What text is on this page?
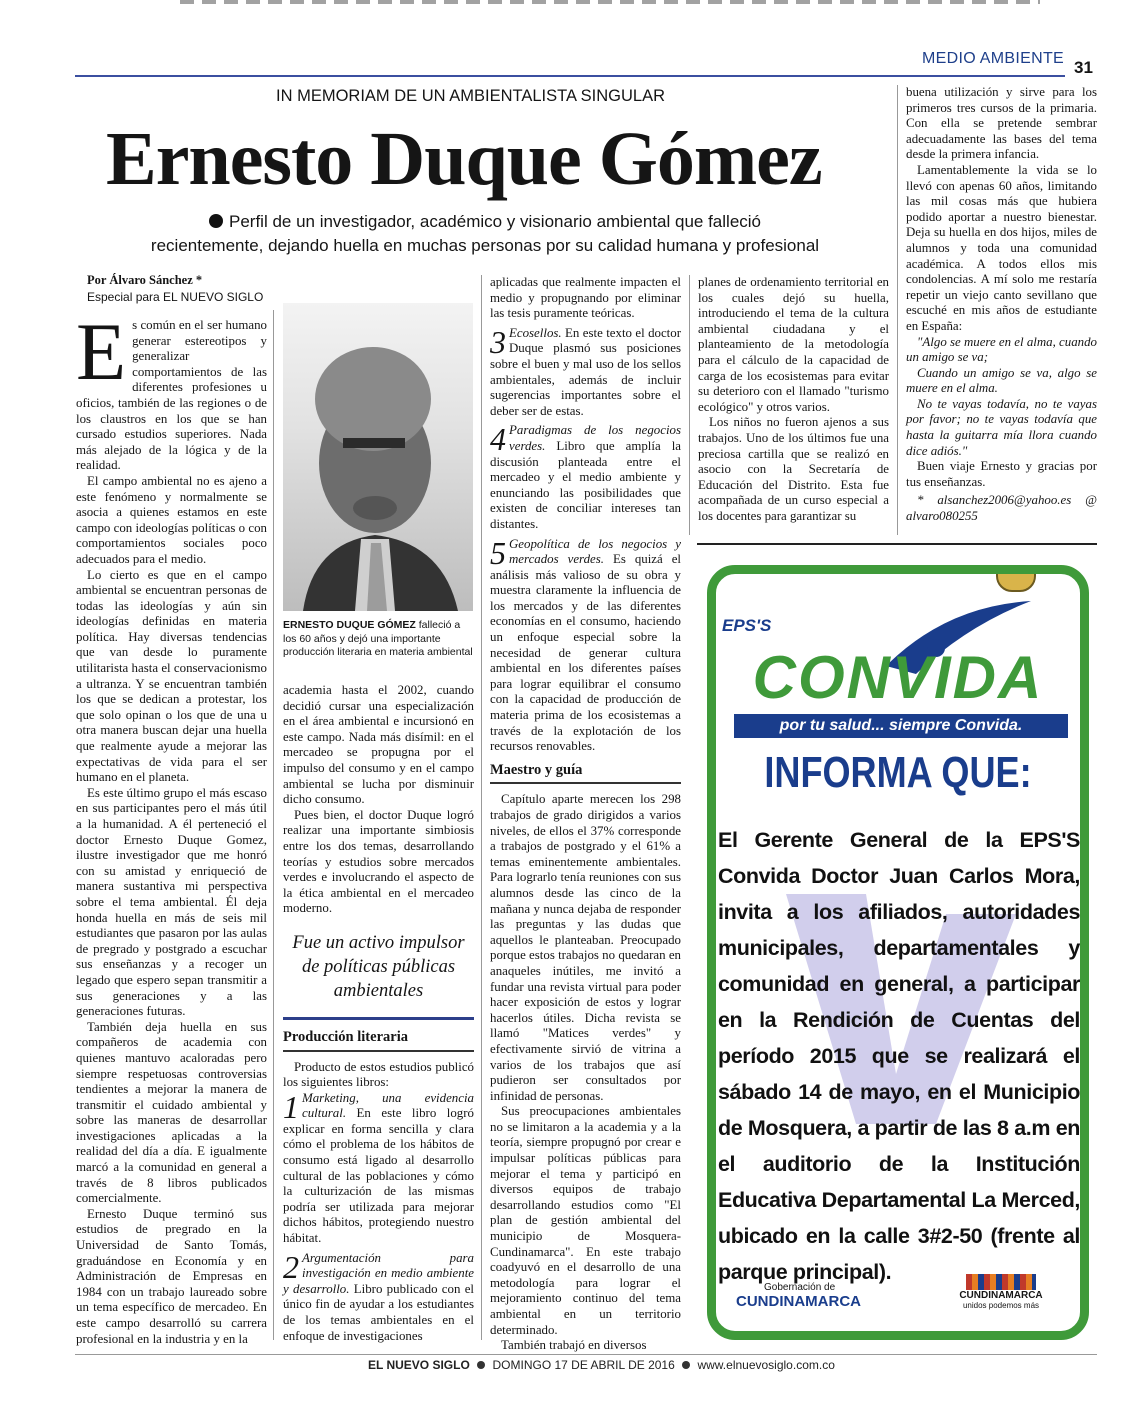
MEDIO AMBIENTE 31
IN MEMORIAM DE UN AMBIENTALISTA SINGULAR
Ernesto Duque Gómez
Perfil de un investigador, académico y visionario ambiental que falleció
recientemente, dejando huella en muchas personas por su calidad humana y profesional
Por Álvaro Sánchez *
Especial para EL NUEVO SIGLO
ERNESTO DUQUE GÓMEZ falleció a los 60 años y dejó una importante producción literaria en materia ambiental

Es común en el ser humano generar estereotipos y generalizar comportamientos de las diferentes profesiones u oficios, también de las regiones o de los claustros en los que se han cursado estudios superiores. Nada más alejado de la lógica y de la realidad.

El campo ambiental no es ajeno a este fenómeno y normalmente se asocia a quienes estamos en este campo con ideologías políticas o con comportamientos sociales poco adecuados para el medio.

Lo cierto es que en el campo ambiental se encuentran personas de todas las ideologías y aún sin ideologías definidas en materia política. Hay diversas tendencias que van desde lo puramente utilitarista hasta el conservacionismo a ultranza. Y se encuentran también los que se dedican a protestar, los que solo opinan o los que de una u otra manera buscan dejar una huella que realmente ayude a mejorar las expectativas de vida para el ser humano en el planeta.

Es este último grupo el más escaso en sus participantes pero el más útil a la humanidad. A él perteneció el doctor Ernesto Duque Gomez, ilustre investigador que me honró con su amistad y enriqueció de manera sustantiva mi perspectiva sobre el tema ambiental. Él deja honda huella en más de seis mil estudiantes que pasaron por las aulas de pregrado y postgrado a escuchar sus enseñanzas y a recoger un legado que espero sepan transmitir a sus generaciones y a las generaciones futuras.

También deja huella en sus compañeros de academia con quienes mantuvo acaloradas pero siempre respetuosas controversias tendientes a mejorar la manera de transmitir el cuidado ambiental y sobre las maneras de desarrollar investigaciones aplicadas a la realidad del día a día. E igualmente marcó a la comunidad en general a través de 8 libros publicados comercialmente.

Ernesto Duque terminó sus estudios de pregrado en la Universidad de Santo Tomás, graduándose en Economía y en Administración de Empresas en 1984 con un trabajo laureado sobre un tema específico de mercadeo. En este campo desarrolló su carrera profesional en la industria y en la

academia hasta el 2002, cuando decidió cursar una especialización en el área ambiental e incursionó en este campo. Nada más disímil: en el mercadeo se propugna por el impulso del consumo y en el campo ambiental se lucha por disminuir dicho consumo.

Pues bien, el doctor Duque logró realizar una importante simbiosis entre los dos temas, desarrollando teorías y estudios sobre mercados verdes e involucrando el aspecto de la ética ambiental en el mercadeo moderno.

Fue un activo impulsor de políticas públicas ambientales
Producción literaria

Producto de estos estudios publicó los siguientes libros:

1 Marketing, una evidencia cultural. En este libro logró explicar en forma sencilla y clara cómo el problema de los hábitos de consumo está ligado al desarrollo cultural de las poblaciones y cómo la culturización de las mismas podría ser utilizada para mejorar dichos hábitos, protegiendo nuestro hábitat.

2 Argumentación para investigación en medio ambiente y desarrollo. Libro publicado con el único fin de ayudar a los estudiantes de los temas ambientales en el enfoque de investigaciones

aplicadas que realmente impacten el medio y propugnando por eliminar las tesis puramente teóricas.

3 Ecosellos. En este texto el doctor Duque plasmó sus posiciones sobre el buen y mal uso de los sellos ambientales, además de incluir sugerencias importantes sobre el deber ser de estas.

4 Paradigmas de los negocios verdes. Libro que amplía la discusión planteada entre el mercadeo y el medio ambiente y enunciando las posibilidades que existen de conciliar intereses tan distantes.

5 Geopolítica de los negocios y mercados verdes. Es quizá el análisis más valioso de su obra y muestra claramente la influencia de los mercados y de las diferentes economías en el consumo, haciendo un enfoque especial sobre la necesidad de generar cultura ambiental en los diferentes países para lograr equilibrar el consumo con la capacidad de producción de materia prima de los ecosistemas a través de la explotación de los recursos renovables.

Maestro y guía

Capítulo aparte merecen los 298 trabajos de grado dirigidos a varios niveles, de ellos el 37% corresponde a trabajos de postgrado y el 61% a temas eminentemente ambientales. Para lograrlo tenía reuniones con sus alumnos desde las cinco de la mañana y nunca dejaba de responder las preguntas y las dudas que aquellos le planteaban. Preocupado porque estos trabajos no quedaran en anaqueles inútiles, me invitó a fundar una revista virtual para poder hacer exposición de estos y lograr hacerlos útiles. Dicha revista se llamó "Matices verdes" y efectivamente sirvió de vitrina a varios de los trabajos que así pudieron ser consultados por infinidad de personas.

Sus preocupaciones ambientales no se limitaron a la academia y a la teoría, siempre propugnó por crear e impulsar políticas públicas para mejorar el tema y participó en diversos equipos de trabajo desarrollando estudios como "El plan de gestión ambiental del municipio de Mosquera-Cundinamarca". En este trabajo coadyuvó en el desarrollo de una metodología para lograr el mejoramiento continuo del tema ambiental en un territorio determinado.

También trabajó en diversos

planes de ordenamiento territorial en los cuales dejó su huella, introduciendo el tema de la cultura ambiental ciudadana y el planteamiento de la metodología para el cálculo de la capacidad de carga de los ecosistemas para evitar su deterioro con el llamado "turismo ecológico" y otros varios.

Los niños no fueron ajenos a sus trabajos. Uno de los últimos fue una preciosa cartilla que se realizó en asocio con la Secretaría de Educación del Distrito. Esta fue acompañada de un curso especial a los docentes para garantizar su

buena utilización y sirve para los primeros tres cursos de la primaria. Con ella se pretende sembrar adecuadamente las bases del tema desde la primera infancia.

Lamentablemente la vida se lo llevó con apenas 60 años, limitando las mil cosas más que hubiera podido aportar a nuestro bienestar. Deja su huella en dos hijos, miles de alumnos y toda una comunidad académica. A todos ellos mis condolencias. A mí solo me restaría repetir un viejo canto sevillano que escuché en mis años de estudiante en España:

"Algo se muere en el alma, cuando un amigo se va;

Cuando un amigo se va, algo se muere en el alma.

No te vayas todavía, no te vayas por favor; no te vayas todavía que hasta la guitarra mía llora cuando dice adiós."

Buen viaje Ernesto y gracias por tus enseñanzas.

* alsanchez2006@yahoo.es @ alvaro080255

EPS'S
CONVIDA
por tu salud... siempre Convida.
INFORMA QUE:
El Gerente General de la EPS'S Convida Doctor Juan Carlos Mora, invita a los afiliados, autoridades municipales, departamentales y comunidad en general, a participar en la Rendición de Cuentas del período 2015 que se realizará el sábado 14 de mayo, en el Municipio de Mosquera, a partir de las 8 a.m en el auditorio de la Institución Educativa Departamental La Merced, ubicado en la calle 3#2-50 (frente al parque principal).
Gobernación de
CUNDINAMARCA	CUNDINAMARCA
unidos podemos más
EL NUEVO SIGLO DOMINGO 17 DE ABRIL DE 2016 www.elnuevosiglo.com.co
